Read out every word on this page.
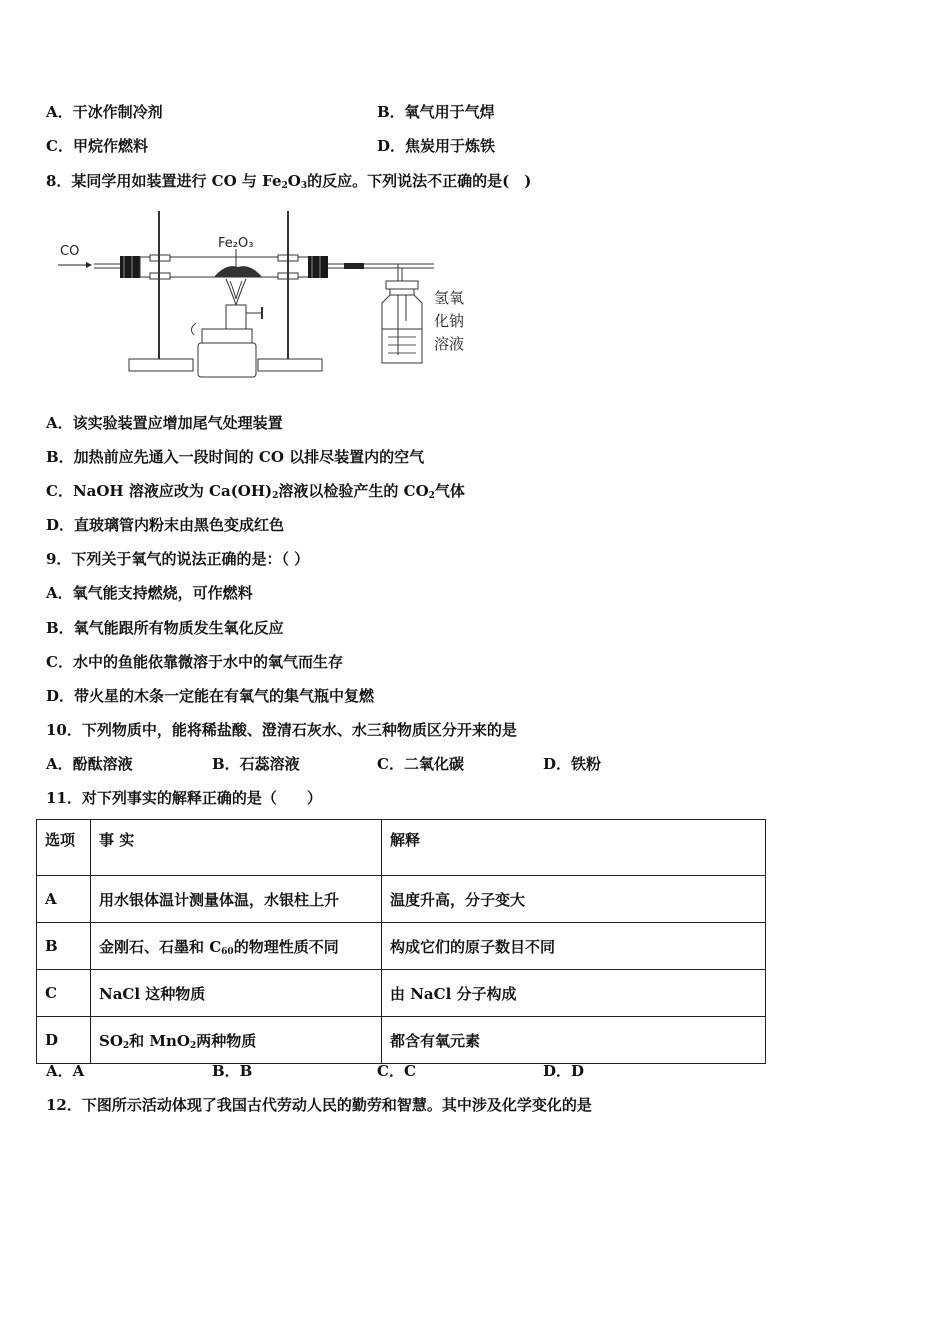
A．干冰作制冷剂	B．氧气用于气焊
C．甲烷作燃料	D．焦炭用于炼铁
8．某同学用如装置进行 CO 与 $Fe_2O_3$的反应。下列说法不正确的是(　)
CO
Fe₂O₃
氢氧
化钠
溶液
A．该实验装置应增加尾气处理装置
B．加热前应先通入一段时间的 CO 以排尽装置内的空气
C．NaOH 溶液应改为 $Ca(OH)_2$溶液以检验产生的 $CO_2$气体
D．直玻璃管内粉末由黑色变成红色
9．下列关于氧气的说法正确的是：（ ）
A．氧气能支持燃烧，可作燃料
B．氧气能跟所有物质发生氧化反应
C．水中的鱼能依靠微溶于水中的氧气而生存
D．带火星的木条一定能在有氧气的集气瓶中复燃
10．下列物质中，能将稀盐酸、澄清石灰水、水三种物质区分开来的是
A．酚酞溶液	B．石蕊溶液	C．二氧化碳	D．铁粉
11．对下列事实的解释正确的是（　　）
选项	事 实	解释
A	用水银体温计测量体温，水银柱上升	温度升高，分子变大
B	金刚石、石墨和 $C_{60}$的物理性质不同	构成它们的原子数目不同
C	NaCl 这种物质	由 NaCl 分子构成
D	$SO_2$和 MnO$_2$两种物质	都含有氧元素
A．A	B．B	C．C	D．D
12．下图所示活动体现了我国古代劳动人民的勤劳和智慧。其中涉及化学变化的是
